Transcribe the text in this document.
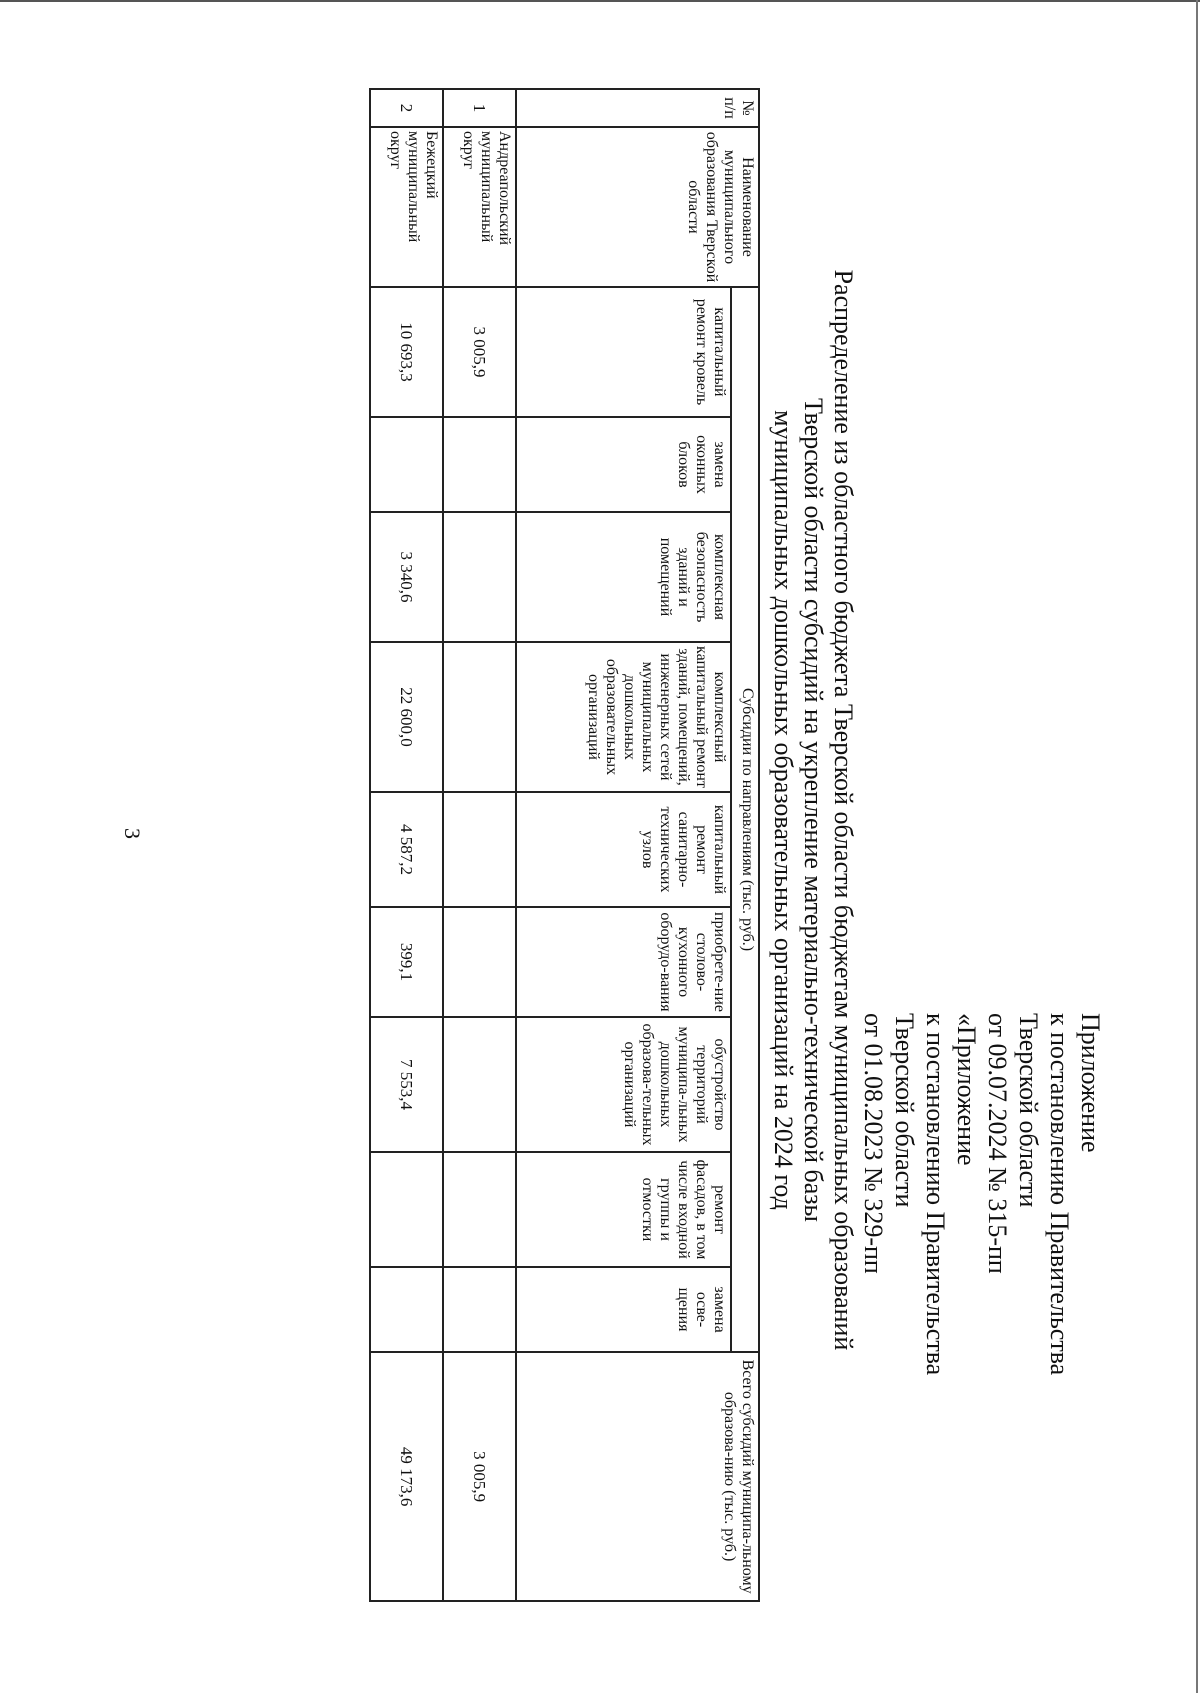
3
Приложение
к постановлению Правительства
Тверской области
от 09.07.2024 № 315-пп
«Приложение
к постановлению Правительства
Тверской области
от 01.08.2023 № 329-пп
Распределение из областного бюджета Тверской области бюджетам муниципальных образований
Тверской области субсидий на укрепление материально-технической базы
муниципальных дошкольных образовательных организаций на 2024 год
№ п/п	Наименование муниципального образования Тверской области	Субсидии по направлениям (тыс. руб.)									Всего субсидий муниципа-льному образова-нию (тыс. руб.)
		капитальный ремонт кровель	замена оконных блоков	комплексная безопасность зданий и помещений	комплексный капитальный ремонт зданий, помещений, инженерных сетей муниципальных дошкольных образовательных организаций	капитальный ремонт санитарно-технических узлов	приобрете-ние столово-кухонного оборудо-вания	обустройство территорий муниципа-льных дошкольных образова-тельных организаций	ремонт фасадов, в том числе входной группы и отмостки	замена осве-щения	
1	Андреапольский муниципальный округ	3 005,9									3 005,9
2	Бежецкий муниципальный округ	10 693,3		3 340,6	22 600,0	4 587,2	399,1	7 553,4			49 173,6
